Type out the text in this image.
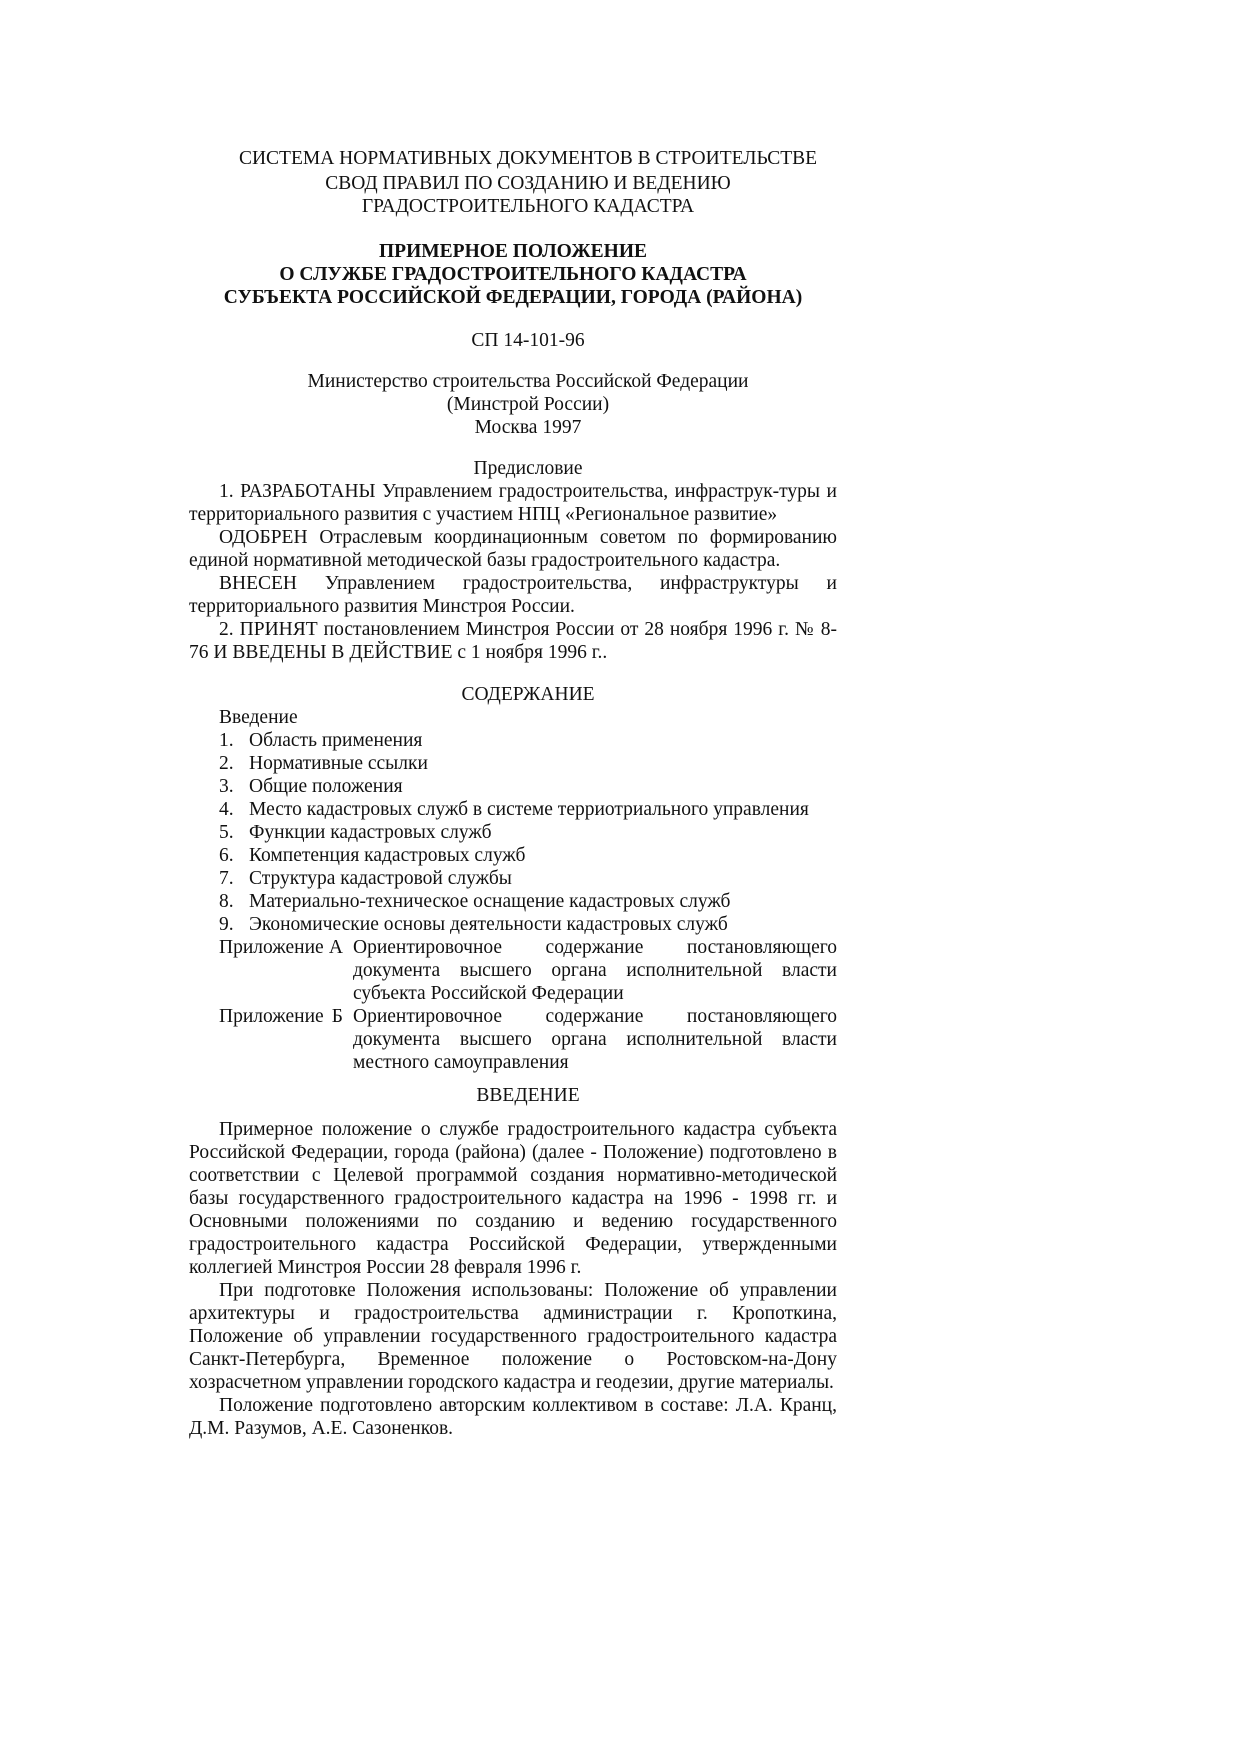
СИСТЕМА НОРМАТИВНЫХ ДОКУМЕНТОВ В СТРОИТЕЛЬСТВЕ

СВОД ПРАВИЛ ПО СОЗДАНИЮ И ВЕДЕНИЮ

ГРАДОСТРОИТЕЛЬНОГО КАДАСТРА

ПРИМЕРНОЕ ПОЛОЖЕНИЕ

О СЛУЖБЕ ГРАДОСТРОИТЕЛЬНОГО КАДАСТРА

СУБЪЕКТА РОССИЙСКОЙ ФЕДЕРАЦИИ, ГОРОДА (РАЙОНА)

СП 14-101-96

Министерство строительства Российской Федерации

(Минстрой России)

Москва 1997

Предисловие

1. РАЗРАБОТАНЫ Управлением градостроительства, инфраструк-туры и территориального развития с участием НПЦ «Региональное развитие»

ОДОБРЕН Отраслевым координационным советом по формированию единой нормативной методической базы градостроительного кадастра.

ВНЕСЕН Управлением градостроительства, инфраструктуры и территориального развития Минстроя России.

2. ПРИНЯТ постановлением Минстроя России от 28 ноября 1996 г. № 8-76 И ВВЕДЕНЫ В ДЕЙСТВИЕ с 1 ноября 1996 г..

СОДЕРЖАНИЕ

Введение

1. Область применения
2. Нормативные ссылки
3. Общие положения
4. Место кадастровых служб в системе терриотриального управления
5. Функции кадастровых служб
6. Компетенция кадастровых служб
7. Структура кадастровой службы
8. Материально-техническое оснащение кадастровых служб
9. Экономические основы деятельности кадастровых служб
Приложение А Ориентировочное содержание постановляющего документа высшего органа исполнительной власти субъекта Российской Федерации
Приложение Б Ориентировочное содержание постановляющего документа высшего органа исполнительной власти местного самоуправления

ВВЕДЕНИЕ

Примерное положение о службе градостроительного кадастра субъекта Российской Федерации, города (района) (далее - Положение) подготовлено в соответствии с Целевой программой создания нормативно-методической базы государственного градостроительного кадастра на 1996 - 1998 гг. и Основными положениями по созданию и ведению государственного градостроительного кадастра Российской Федерации, утвержденными коллегией Минстроя России 28 февраля 1996 г.

При подготовке Положения использованы: Положение об управлении архитектуры и градостроительства администрации г. Кропоткина, Положение об управлении государственного градостроительного кадастра Санкт-Петербурга, Временное положение о Ростовском-на-Дону хозрасчетном управлении городского кадастра и геодезии, другие материалы.

Положение подготовлено авторским коллективом в составе: Л.А. Кранц, Д.М. Разумов, А.Е. Сазоненков.
